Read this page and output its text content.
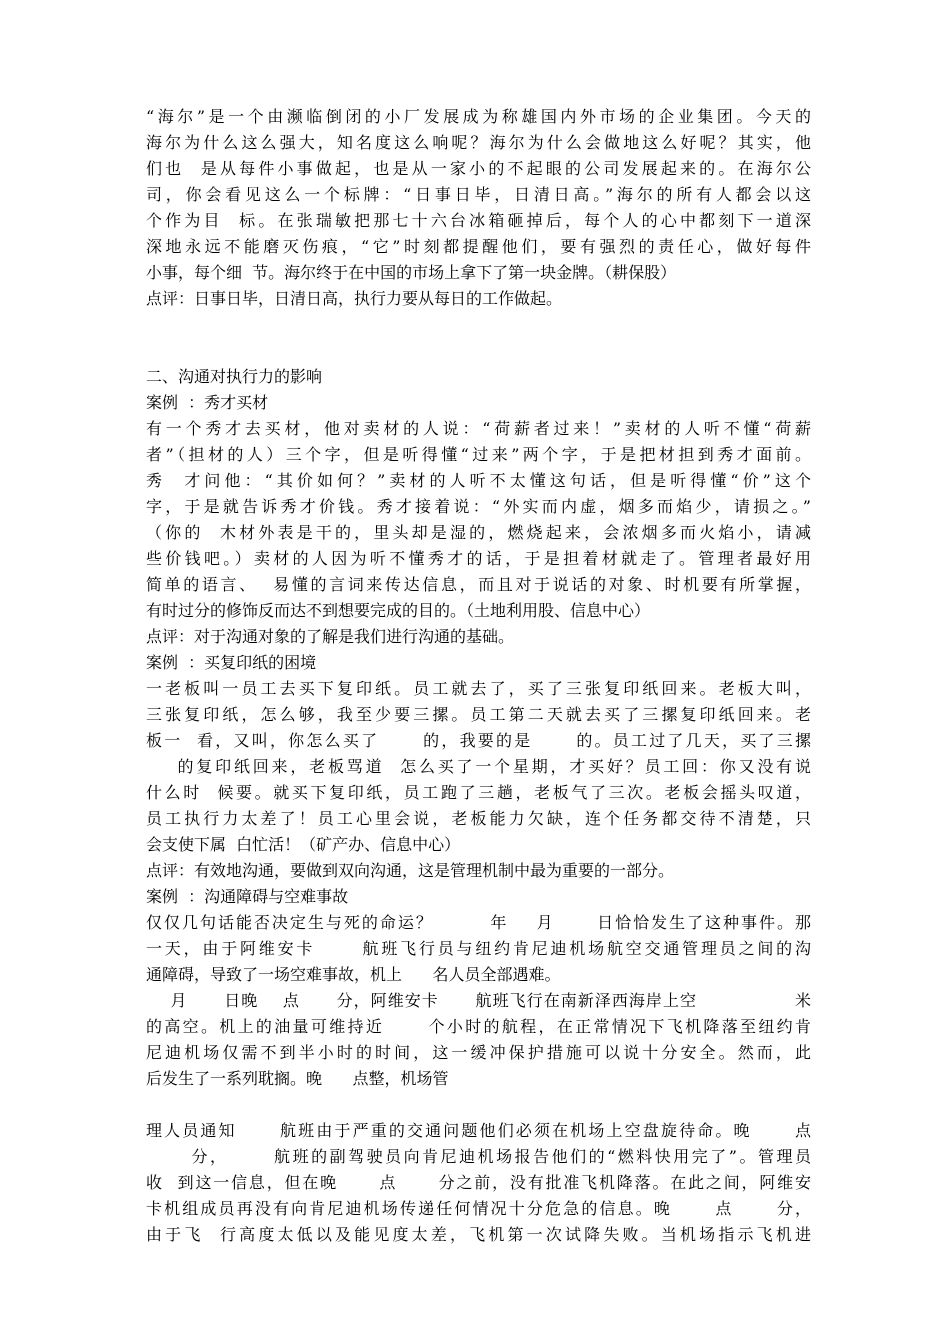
“海尔”是一个由濒临倒闭的小厂发展成为称雄国内外市场的企业集团。今天的
海尔为什么这么强大，知名度这么响呢？海尔为什么会做地这么好呢？其实，他
们也  是从每件小事做起，也是从一家小的不起眼的公司发展起来的。在海尔公
司，你会看见这么一个标牌：“日事日毕，日清日高。”海尔的所有人都会以这
个作为目  标。在张瑞敏把那七十六台冰箱砸掉后，每个人的心中都刻下一道深
深地永远不能磨灭伤痕，“它”时刻都提醒他们，要有强烈的责任心，做好每件
小事，每个细  节。海尔终于在中国的市场上拿下了第一块金牌。（耕保股）
点评：日事日毕，日清日高，执行力要从每日的工作做起。
二、沟通对执行力的影响
案例  ：秀才买材
有一个秀才去买材，他对卖材的人说：“荷薪者过来！”卖材的人听不懂“荷薪
者”（担材的人）三个字，但是听得懂“过来”两个字，于是把材担到秀才面前。
秀  才问他：“其价如何？”卖材的人听不太懂这句话，但是听得懂“价”这个
字，于是就告诉秀才价钱。秀才接着说：“外实而内虚，烟多而焰少，请损之。”
（你的  木材外表是干的，里头却是湿的，燃烧起来，会浓烟多而火焰小，请减
些价钱吧。）卖材的人因为听不懂秀才的话，于是担着材就走了。管理者最好用
简单的语言、  易懂的言词来传达信息，而且对于说话的对象、时机要有所掌握，
有时过分的修饰反而达不到想要完成的目的。（土地利用股、信息中心）
点评：对于沟通对象的了解是我们进行沟通的基础。
案例  ：买复印纸的困境
一老板叫一员工去买下复印纸。员工就去了，买了三张复印纸回来。老板大叫，
三张复印纸，怎么够，我至少要三摞。员工第二天就去买了三摞复印纸回来。老
板一  看，又叫，你怎么买了      的，我要的是      的。员工过了几天，买了三摞
的复印纸回来，老板骂道  怎么买了一个星期，才买好？员工回：你又没有说
什么时  候要。就买下复印纸，员工跑了三趟，老板气了三次。老板会摇头叹道，
员工执行力太差了！员工心里会说，老板能力欠缺，连个任务都交待不清楚，只
会支使下属  白忙活！（矿产办、信息中心）
点评：有效地沟通，要做到双向沟通，这是管理机制中最为重要的一部分。
案例  ：沟通障碍与空难事故
仅仅几句话能否决定生与死的命运？        年    月      日恰恰发生了这种事件。那
一天，由于阿维安卡      航班飞行员与纽约肯尼迪机场航空交通管理员之间的沟
通障碍，导致了一场空难事故，机上      名人员全部遇难。
月      日晚    点      分，阿维安卡      航班飞行在南新泽西海岸上空                米
的高空。机上的油量可维持近      个小时的航程，在正常情况下飞机降落至纽约肯
尼迪机场仅需不到半小时的时间，这一缓冲保护措施可以说十分安全。然而，此
后发生了一系列耽搁。晚      点整，机场管
理人员通知      航班由于严重的交通问题他们必须在机场上空盘旋待命。晚      点
分，      航班的副驾驶员向肯尼迪机场报告他们的“燃料快用完了”。管理员
收  到这一信息，但在晚      点      分之前，没有批准飞机降落。在此之间，阿维安
卡机组成员再没有向肯尼迪机场传递任何情况十分危急的信息。晚      点      分，
由于飞  行高度太低以及能见度太差，飞机第一次试降失败。当机场指示飞机进
